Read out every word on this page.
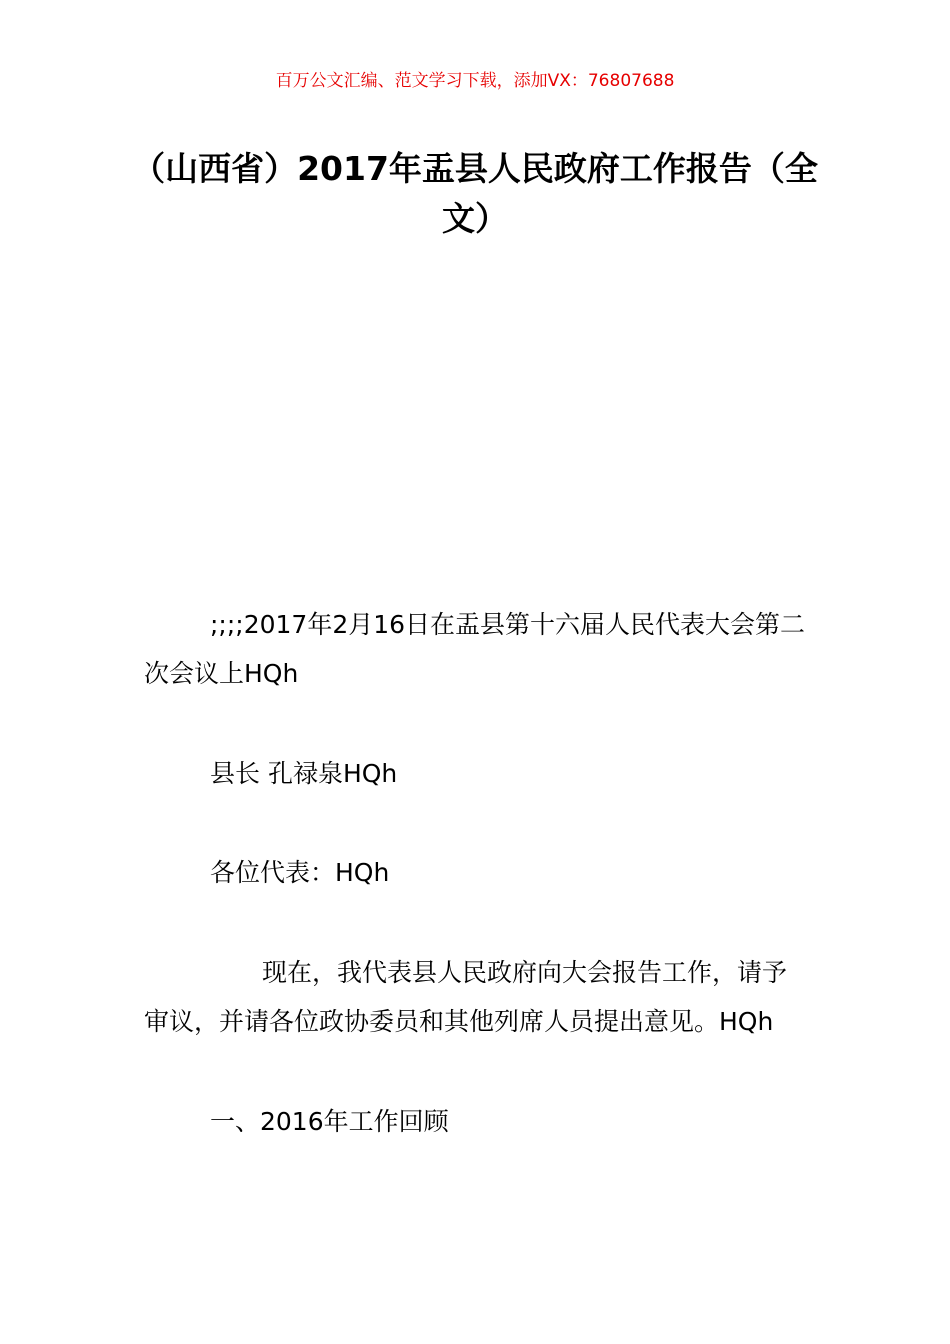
百万公文汇编、范文学习下载，添加VX：76807688
（山西省）2017年盂县人民政府工作报告（全文）
;;;;2017年2月16日在盂县第十六届人民代表大会第二次会议上HQh
县长 孔禄泉HQh
各位代表：HQh
现在，我代表县人民政府向大会报告工作，请予审议，并请各位政协委员和其他列席人员提出意见。HQh
一、2016年工作回顾
